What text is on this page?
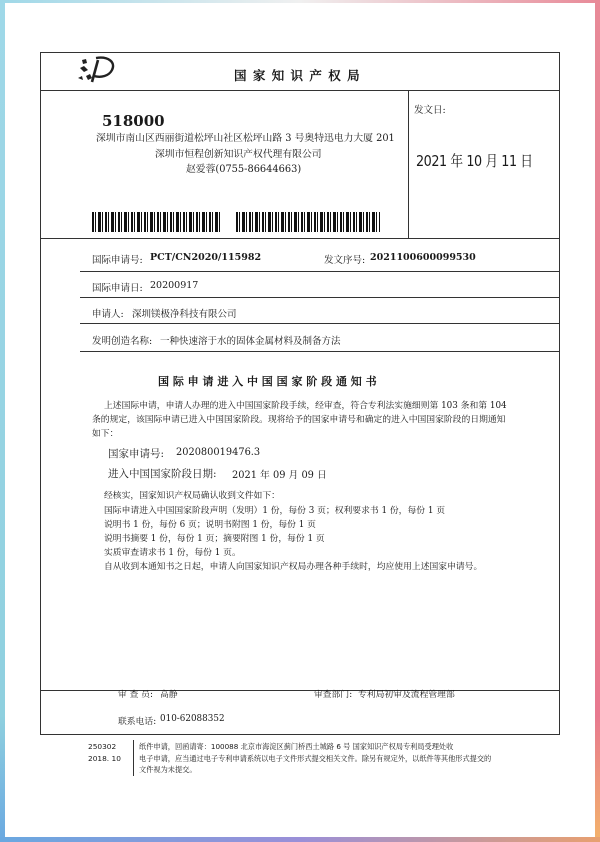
国 家 知 识 产 权 局
518000
深圳市南山区西丽街道松坪山社区松坪山路 3 号奥特迅电力大厦 201
深圳市恒程创新知识产权代理有限公司
赵爱蓉(0755-86644663)
发文日:
2021 年 10 月 11 日
国际申请号: PCT/CN2020/115982	发文序号: 2021100600099530
国际申请日: 20200917
申请人: 深圳镁极净科技有限公司
发明创造名称: 一种快速溶于水的固体金属材料及制备方法
国 际 申 请 进 入 中 国 国 家 阶 段 通 知 书
上述国际申请，申请人办理的进入中国国家阶段手续，经审查，符合专利法实施细则第 103 条和第 104
条的规定，该国际申请已进入中国国家阶段。现将给予的国家申请号和确定的进入中国国家阶段的日期通知
如下：
国家申请号: 202080019476.3
进入中国国家阶段日期: 2021 年 09 月 09 日
经核实，国家知识产权局确认收到文件如下：
国际申请进入中国国家阶段声明（发明）1 份，每份 3 页；权利要求书 1 份，每份 1 页
说明书 1 份，每份 6 页；说明书附图 1 份，每份 1 页
说明书摘要 1 份，每份 1 页；摘要附图 1 份，每份 1 页
实质审查请求书 1 份，每份 1 页。
自从收到本通知书之日起，申请人向国家知识产权局办理各种手续时，均应使用上述国家申请号。
审 查 员: 高静	审查部门: 专利局初审及流程管理部
联系电话: 010-62088352
250302
2018. 10
纸件申请，回函请寄：100088 北京市海淀区蓟门桥西土城路 6 号 国家知识产权局专利局受理处收
电子申请，应当通过电子专利申请系统以电子文件形式提交相关文件。除另有规定外，以纸件等其他形式提交的
文件视为未提交。
